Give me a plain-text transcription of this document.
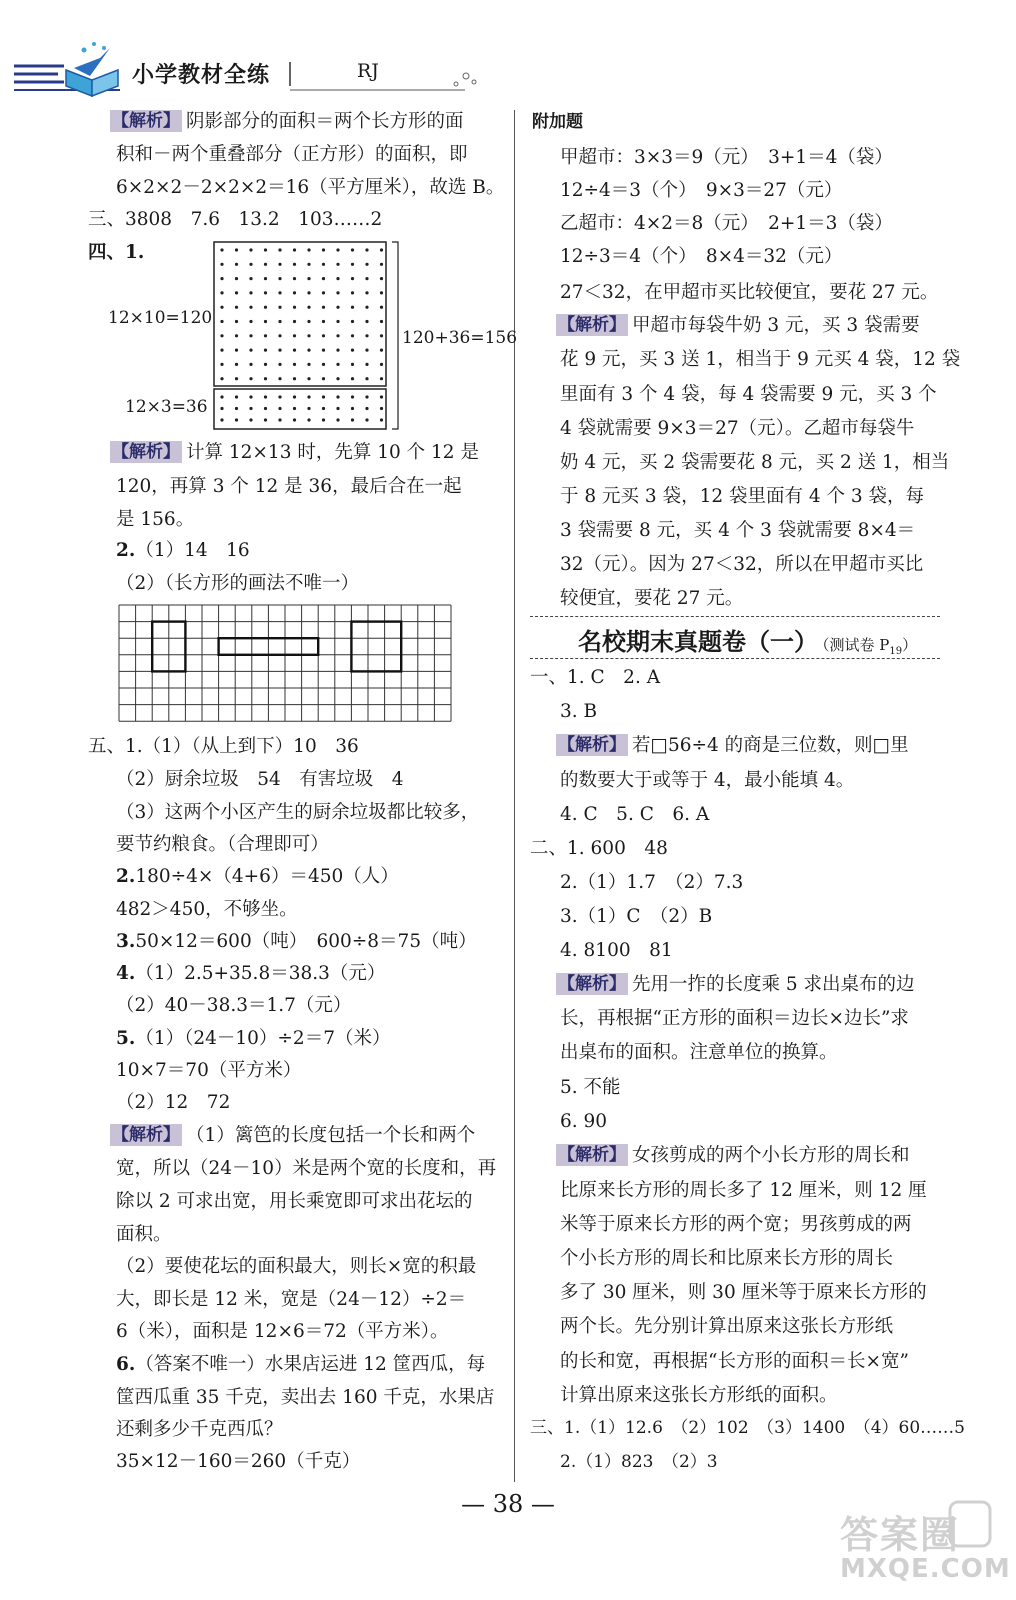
小学教材全练	RJ
【 解析 】 阴影部分的面积＝两个长方形的面
积和－两个重叠部分（正方形）的面积，即
6×2×2－2×2×2＝16（平方厘米），故选 B。
三、3808　7.6　13.2　103……2
四、1.
12×10=120
12×3=36
120+36=156
【 解析 】 计算 12×13 时，先算 10 个 12 是
120，再算 3 个 12 是 36，最后合在一起
是 156。
2.（1）14　16
（2）（长方形的画法不唯一）
五、1.（1）（从上到下）10　36
（2）厨余垃圾　54　有害垃圾　4
（3）这两个小区产生的厨余垃圾都比较多，
要节约粮食。（合理即可）
2.180÷4×（4+6）＝450（人）
482＞450，不够坐。
3.50×12＝600（吨）　600÷8＝75（吨）
4.（1）2.5+35.8＝38.3（元）
（2）40－38.3＝1.7（元）
5.（1）（24－10）÷2＝7（米）
10×7＝70（平方米）
（2）12　72
【 解析 】 （1）篱笆的长度包括一个长和两个
宽，所以（24－10）米是两个宽的长度和，再
除以 2 可求出宽，用长乘宽即可求出花坛的
面积。
（2）要使花坛的面积最大，则长×宽的积最
大，即长是 12 米，宽是（24－12）÷2＝
6（米），面积是 12×6＝72（平方米）。
6.（答案不唯一）水果店运进 12 筐西瓜，每
筐西瓜重 35 千克，卖出去 160 千克，水果店
还剩多少千克西瓜？
35×12－160＝260（千克）
附加题
甲超市：3×3＝9（元）　3+1＝4（袋）
12÷4＝3（个）　9×3＝27（元）
乙超市：4×2＝8（元）　2+1＝3（袋）
12÷3＝4（个）　8×4＝32（元）
27＜32，在甲超市买比较便宜，要花 27 元。
【 解析 】 甲超市每袋牛奶 3 元，买 3 袋需要
花 9 元，买 3 送 1，相当于 9 元买 4 袋，12 袋
里面有 3 个 4 袋，每 4 袋需要 9 元，买 3 个
4 袋就需要 9×3＝27（元）。乙超市每袋牛
奶 4 元，买 2 袋需要花 8 元，买 2 送 1，相当
于 8 元买 3 袋，12 袋里面有 4 个 3 袋，每
3 袋需要 8 元，买 4 个 3 袋就需要 8×4＝
32（元）。因为 27＜32，所以在甲超市买比
较便宜，要花 27 元。
名校期末真题卷（一） （测试卷 $P_{19}$）
一、1. C　2. A
3. B
【 解析 】 若□56÷4 的商是三位数，则□里
的数要大于或等于 4，最小能填 4。
4. C　5. C　6. A
二、1. 600　48
2.（1）1.7　（2）7.3
3.（1）C　（2）B
4. 8100　81
【 解析 】 先用一拃的长度乘 5 求出桌布的边
长，再根据“正方形的面积＝边长×边长”求
出桌布的面积。注意单位的换算。
5. 不能
6. 90
【 解析 】 女孩剪成的两个小长方形的周长和
比原来长方形的周长多了 12 厘米，则 12 厘
米等于原来长方形的两个宽；男孩剪成的两
个小长方形的周长和比原来长方形的周长
多了 30 厘米，则 30 厘米等于原来长方形的
两个长。先分别计算出原来这张长方形纸
的长和宽，再根据“长方形的面积＝长×宽”
计算出原来这张长方形纸的面积。
三、1.（1）12.6　（2）102　（3）1400　（4）60……5
2.（1）823　（2）3
— 38 —
答案圈
MXQE.COM
